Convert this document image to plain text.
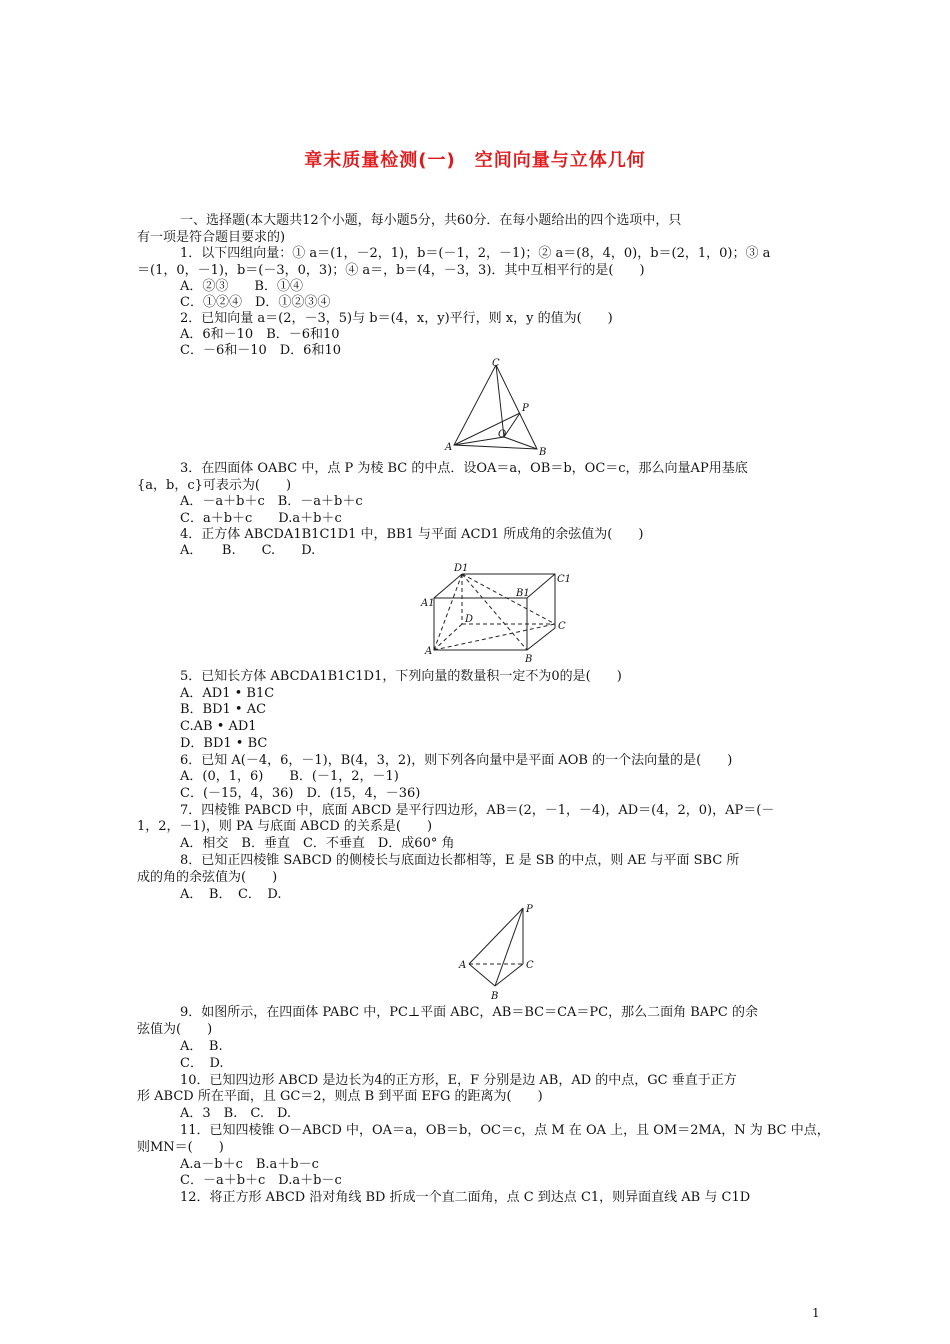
章末质量检测(一)　空间向量与立体几何
一、选择题(本大题共12个小题，每小题5分，共60分．在每小题给出的四个选项中，只
有一项是符合题目要求的)
1．以下四组向量：① a＝(1，－2，1)，b＝(－1，2，－1)；② a＝(8，4，0)，b＝(2，1，0)；③ a
＝(1，0，－1)，b＝(－3，0，3)；④ a＝，b＝(4，－3，3)．其中互相平行的是(　　)
A．②③　　B．①④
C．①②④　D．①②③④
2．已知向量 a＝(2，－3，5)与 b＝(4，x，y)平行，则 x，y 的值为(　　)
A．6和－10　B．－6和10
C．－6和－10　D．6和10
C
P
O
A	B
3．在四面体 OABC 中，点 P 为棱 BC 的中点．设OA＝a，OB＝b，OC＝c，那么向量AP用基底
{a，b，c}可表示为(　　)
A．－a＋b＋c　B．－a＋b＋c
C．a＋b＋c　　D.a＋b＋c
4．正方体 ABCDA1B1C1D1 中，BB1 与平面 ACD1 所成角的余弦值为(　　)
A．　　B.　　C.　　D.
D1
C1
A1
B1
D
C
A
B
5．已知长方体 ABCDA1B1C1D1，下列向量的数量积一定不为0的是(　　)
A．AD1 • B1C
B．BD1 • AC
C.AB • AD1
D．BD1 • BC
6．已知 A(－4，6，－1)，B(4，3，2)，则下列各向量中是平面 AOB 的一个法向量的是(　　)
A．(0，1，6)　　B．(－1，2，－1)
C．(－15，4，36)　D．(15，4，－36)
7．四棱锥 PABCD 中，底面 ABCD 是平行四边形，AB＝(2，－1，－4)，AD＝(4，2，0)，AP＝(－
1，2，－1)，则 PA 与底面 ABCD 的关系是(　　)
A．相交　B．垂直　C．不垂直　D．成60° 角
8．已知正四棱锥 SABCD 的侧棱长与底面边长都相等，E 是 SB 的中点，则 AE 与平面 SBC 所
成的角的余弦值为(　　)
A．　B．　C．　D.
P
A	C
B
9．如图所示，在四面体 PABC 中，PC⊥平面 ABC，AB＝BC＝CA＝PC，那么二面角 BAPC 的余
弦值为(　　)
A．　B.
C．　D.
10．已知四边形 ABCD 是边长为4的正方形，E，F 分别是边 AB，AD 的中点，GC 垂直于正方
形 ABCD 所在平面，且 GC＝2，则点 B 到平面 EFG 的距离为(　　)
A．3　B.　C.　D.
11．已知四棱锥 O－ABCD 中，OA＝a，OB＝b，OC＝c，点 M 在 OA 上，且 OM＝2MA，N 为 BC 中点，
则MN＝(　　)
A.a－b＋c　B.a＋b－c
C．－a＋b＋c　D.a＋b－c
12．将正方形 ABCD 沿对角线 BD 折成一个直二面角，点 C 到达点 C1，则异面直线 AB 与 C1D
1
